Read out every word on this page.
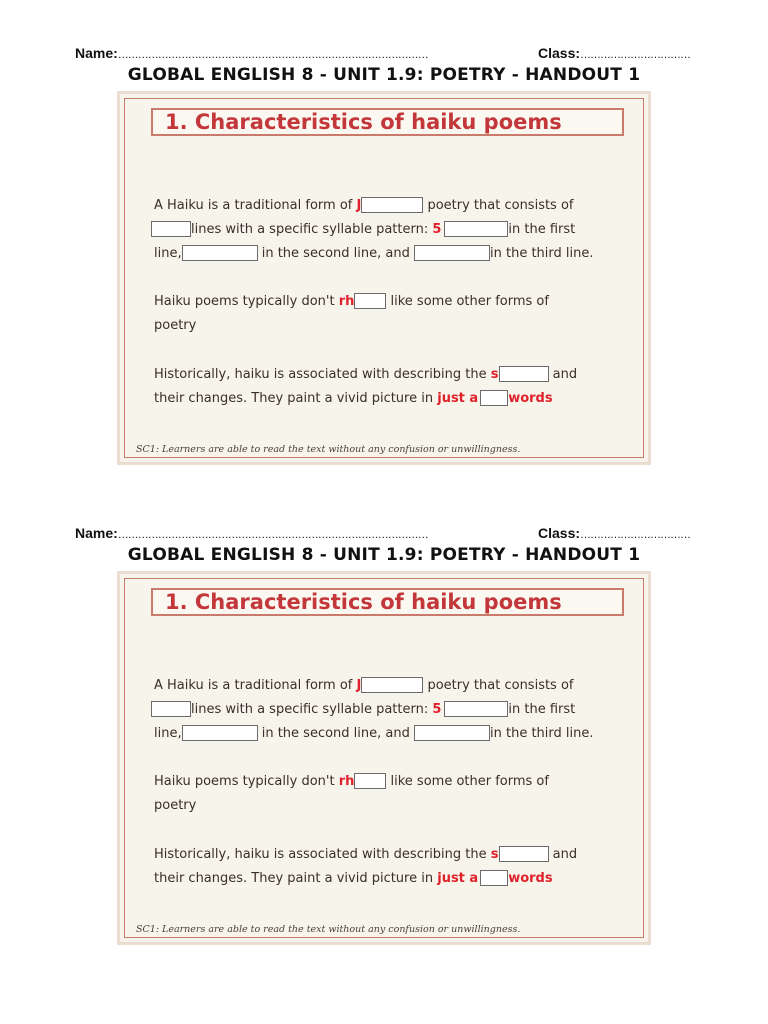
Name:…………………………………………………………………………………	Class:……………………………
GLOBAL ENGLISH 8 - UNIT 1.9: POETRY - HANDOUT 1
1. Characteristics of haiku poems
A Haiku is a traditional form of J	poetry that consists of
lines with a specific syllable pattern: 5	in the first
line,	in the second line, and	in the third line.
Haiku poems typically don't rh like some other forms of
poetry
Historically, haiku is associated with describing the s	and
their changes. They paint a vivid picture in just a words
SC1: Learners are able to read the text without any confusion or unwillingness.
Name:…………………………………………………………………………………	Class:……………………………
GLOBAL ENGLISH 8 - UNIT 1.9: POETRY - HANDOUT 1
1. Characteristics of haiku poems
A Haiku is a traditional form of J	poetry that consists of
lines with a specific syllable pattern: 5	in the first
line,	in the second line, and	in the third line.
Haiku poems typically don't rh like some other forms of
poetry
Historically, haiku is associated with describing the s	and
their changes. They paint a vivid picture in just a words
SC1: Learners are able to read the text without any confusion or unwillingness.
